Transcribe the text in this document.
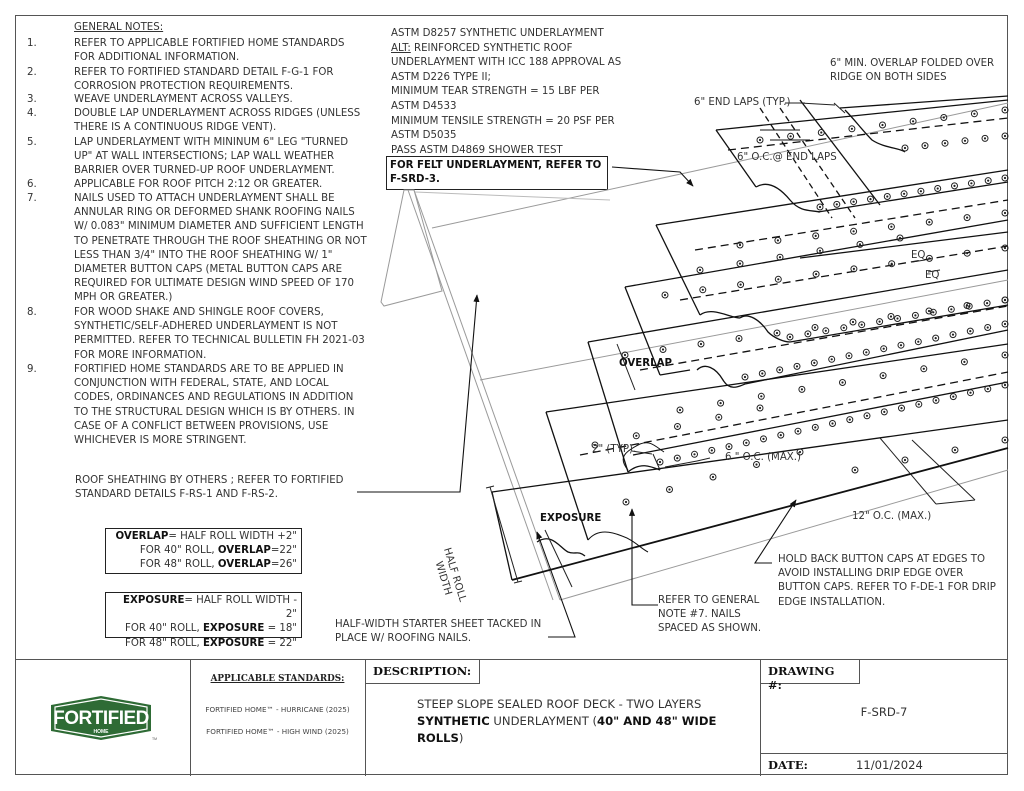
GENERAL NOTES:
1.	REFER TO APPLICABLE FORTIFIED HOME STANDARDS FOR ADDITIONAL INFORMATION.
2.	REFER TO FORTIFIED STANDARD DETAIL F-G-1 FOR CORROSION PROTECTION REQUIREMENTS.
3.	WEAVE UNDERLAYMENT ACROSS VALLEYS.
4.	DOUBLE LAP UNDERLAYMENT ACROSS RIDGES (UNLESS THERE IS A CONTINUOUS RIDGE VENT).
5.	LAP UNDERLAYMENT WITH MININUM 6" LEG "TURNED UP" AT WALL INTERSECTIONS; LAP WALL WEATHER BARRIER OVER TURNED-UP ROOF UNDERLAYMENT.
6.	APPLICABLE FOR ROOF PITCH 2:12 OR GREATER.
7.	NAILS USED TO ATTACH UNDERLAYMENT SHALL BE ANNULAR RING OR DEFORMED SHANK ROOFING NAILS W/ 0.083" MINIMUM DIAMETER AND SUFFICIENT LENGTH TO PENETRATE THROUGH THE ROOF SHEATHING OR NOT LESS THAN 3/4" INTO THE ROOF SHEATHING W/ 1" DIAMETER BUTTON CAPS (METAL BUTTON CAPS ARE REQUIRED FOR ULTIMATE DESIGN WIND SPEED OF 170 MPH OR GREATER.)
8.	FOR WOOD SHAKE AND SHINGLE ROOF COVERS, SYNTHETIC/SELF-ADHERED UNDERLAYMENT IS NOT PERMITTED. REFER TO TECHNICAL BULLETIN FH 2021-03 FOR MORE INFORMATION.
9.	FORTIFIED HOME STANDARDS ARE TO BE APPLIED IN CONJUNCTION WITH FEDERAL, STATE, AND LOCAL CODES, ORDINANCES AND REGULATIONS IN ADDITION TO THE STRUCTURAL DESIGN WHICH IS BY OTHERS. IN CASE OF A CONFLICT BETWEEN PROVISIONS, USE WHICHEVER IS MORE STRINGENT.
ASTM D8257 SYNTHETIC UNDERLAYMENT
ALT: REINFORCED SYNTHETIC ROOF UNDERLAYMENT WITH ICC 188 APPROVAL AS ASTM D226 TYPE II;
MINIMUM TEAR STRENGTH = 15 LBF PER ASTM D4533
MINIMUM TENSILE STRENGTH = 20 PSF PER ASTM D5035
PASS ASTM D4869 SHOWER TEST
FOR FELT UNDERLAYMENT, REFER TO F-SRD-3.
6" MIN. OVERLAP FOLDED OVER RIDGE ON BOTH SIDES
6" END LAPS (TYP.)
6" O.C.@ END LAPS
EQ
EQ
OVERLAP
2" (TYP).
6 " O.C. (MAX.)
12" O.C. (MAX.)
EXPOSURE
HALF ROLL WIDTH
ROOF SHEATHING BY OTHERS ; REFER TO FORTIFIED STANDARD DETAILS F-RS-1 AND F-RS-2.
HALF-WIDTH STARTER SHEET TACKED IN PLACE W/ ROOFING NAILS.
REFER TO GENERAL NOTE #7. NAILS SPACED AS SHOWN.
HOLD BACK BUTTON CAPS AT EDGES TO AVOID INSTALLING DRIP EDGE OVER BUTTON CAPS. REFER TO F-DE-1 FOR DRIP EDGE INSTALLATION.
OVERLAP= HALF ROLL WIDTH +2"
FOR 40" ROLL, OVERLAP=22"
FOR 48" ROLL, OVERLAP=26"
EXPOSURE= HALF ROLL WIDTH - 2"
FOR 40" ROLL, EXPOSURE = 18"
FOR 48" ROLL, EXPOSURE = 22"
FORTIFIED
HOME
TM
APPLICABLE STANDARDS:
FORTIFIED HOME™ - HURRICANE (2025)
FORTIFIED HOME™ - HIGH WIND (2025)
DESCRIPTION:
STEEP SLOPE SEALED ROOF DECK - TWO LAYERS SYNTHETIC UNDERLAYMENT (40" AND 48" WIDE ROLLS)
DRAWING #:
F-SRD-7
DATE:	11/01/2024
